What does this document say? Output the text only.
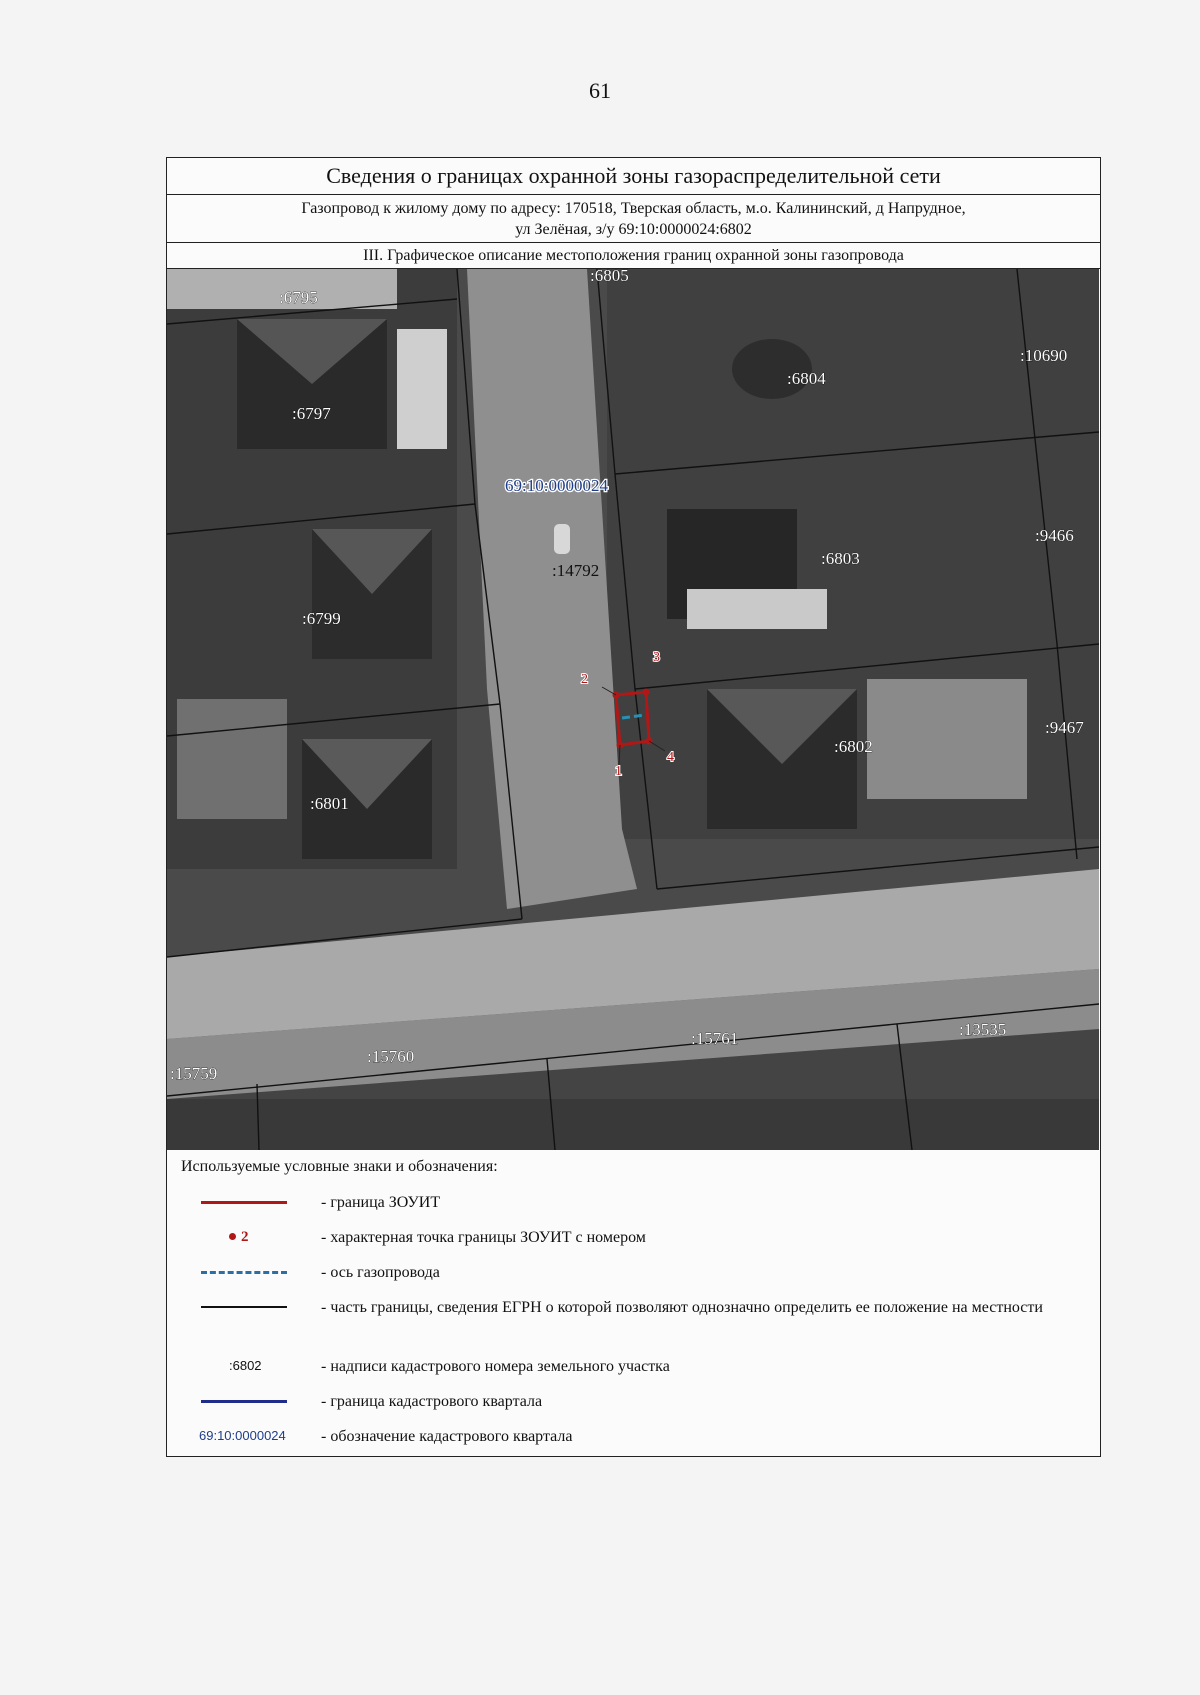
61
Сведения о границах охранной зоны газораспределительной сети
Газопровод к жилому дому по адресу: 170518, Тверская область, м.о. Калининский, д Напрудное,
ул Зелёная, з/у 69:10:0000024:6802
III. Графическое описание местоположения границ охранной зоны газопровода
:6805
:6795
:6804
:10690
:6797
:9466
:6803
:6799
:9467
:6802
:6801
:15761	:13535
:15760
:15759
:14792
69:10:0000024
1
2
3
4
Используемые условные знаки и обозначения:
- граница ЗОУИТ
2	- характерная точка границы ЗОУИТ с номером
- ось газопровода
- часть границы, сведения ЕГРН о которой позволяют однозначно определить ее положение на местности
:6802	- надписи кадастрового номера земельного участка
- граница кадастрового квартала
69:10:0000024 - обозначение кадастрового квартала
